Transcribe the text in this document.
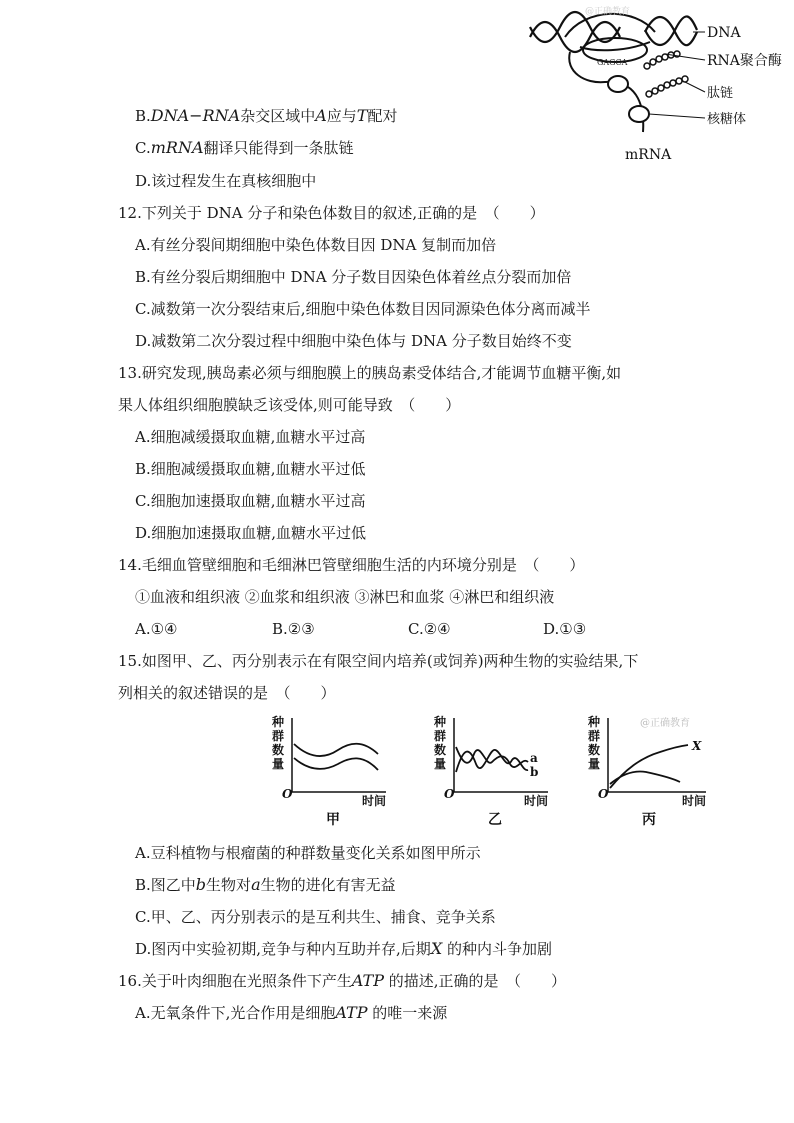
GAGCA
@正确教育
DNA
RNA聚合酶
肽链
核糖体
mRNA
B.DNA−RNA杂交区域中A应与T配对
C.mRNA翻译只能得到一条肽链
D.该过程发生在真核细胞中
12.下列关于 DNA 分子和染色体数目的叙述,正确的是　（　　）
A.有丝分裂间期细胞中染色体数目因 DNA 复制而加倍
B.有丝分裂后期细胞中 DNA 分子数目因染色体着丝点分裂而加倍
C.减数第一次分裂结束后,细胞中染色体数目因同源染色体分离而减半
D.减数第二次分裂过程中细胞中染色体与 DNA 分子数目始终不变
13.研究发现,胰岛素必须与细胞膜上的胰岛素受体结合,才能调节血糖平衡,如
果人体组织细胞膜缺乏该受体,则可能导致　（　　）
A.细胞减缓摄取血糖,血糖水平过高
B.细胞减缓摄取血糖,血糖水平过低
C.细胞加速摄取血糖,血糖水平过高
D.细胞加速摄取血糖,血糖水平过低
14.毛细血管壁细胞和毛细淋巴管壁细胞生活的内环境分别是　（　　）
①血液和组织液 ②血浆和组织液 ③淋巴和血浆 ④淋巴和组织液
A.①④	B.②③	C.②④	D.①③
15.如图甲、乙、丙分别表示在有限空间内培养(或饲养)两种生物的实验结果,下
列相关的叙述错误的是　（　　）
种
群
数
量
O	时间
甲
种
群
数
量
O
a
b
时间
乙
种
群
数
量
@正确教育
O
X
时间
丙
A.豆科植物与根瘤菌的种群数量变化关系如图甲所示
B.图乙中b生物对a生物的进化有害无益
C.甲、乙、丙分别表示的是互利共生、捕食、竞争关系
D.图丙中实验初期,竞争与种内互助并存,后期X 的种内斗争加剧
16.关于叶肉细胞在光照条件下产生ATP 的描述,正确的是　（　　）
A.无氧条件下,光合作用是细胞ATP 的唯一来源
